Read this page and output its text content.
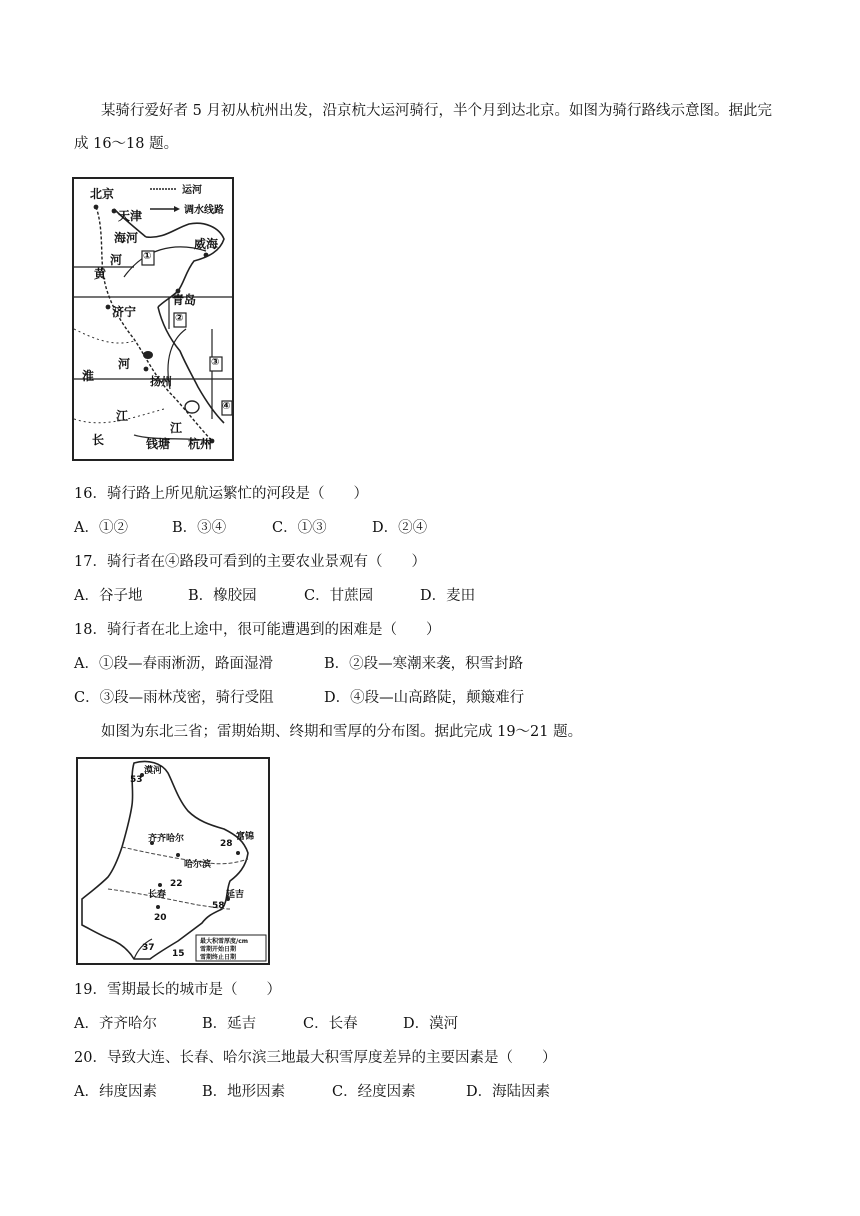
某骑行爱好者 5 月初从杭州出发，沿京杭大运河骑行，半个月到达北京。如图为骑行路线示意图。据此完
成 16～18 题。
北京	运河
调水线路
天津
海河	威海
①
河
黄
青岛
济宁	②
河	③
淮	扬州
江
④
江
长	钱塘 杭州
16．骑行路上所见航运繁忙的河段是（　　）
A．①②	B．③④	C．①③	D．②④
17．骑行者在④路段可看到的主要农业景观有（　　）
A．谷子地	B．橡胶园	C．甘蔗园	D．麦田
18．骑行者在北上途中，很可能遭遇到的困难是（　　）
A．①段—春雨淅沥，路面湿滑	B．②段—寒潮来袭，积雪封路
C．③段—雨林茂密，骑行受阻	D．④段—山高路陡，颠簸难行
如图为东北三省；雷期始期、终期和雪厚的分布图。据此完成 19～21 题。
漠河
53
齐齐哈尔
哈尔滨
富锦
28
22
长春	延吉
58
20
37
15
最大积雪厚度/cm
雪期开始日期
雪期终止日期
19．雪期最长的城市是（　　）
A．齐齐哈尔	B．延吉	C．长春	D．漠河
20．导致大连、长春、哈尔滨三地最大积雪厚度差异的主要因素是（　　）
A．纬度因素	B．地形因素	C．经度因素	D．海陆因素
